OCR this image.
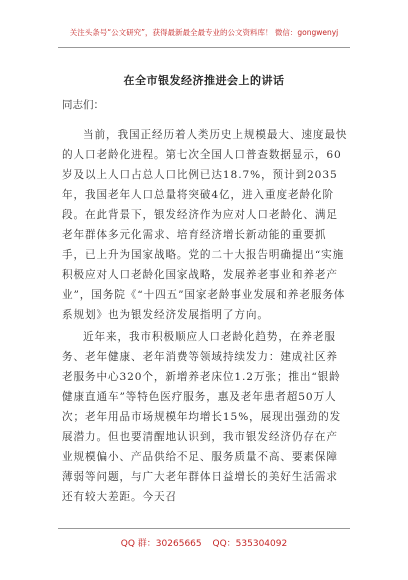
关注头条号“公文研究”，获得最新最全最专业的公文资料库！ 微信：gongwenyj
在全市银发经济推进会上的讲话
同志们：

当前，我国正经历着人类历史上规模最大、速度最快的人口老龄化进程。第七次全国人口普查数据显示，60岁及以上人口占总人口比例已达18.7%，预计到2035年，我国老年人口总量将突破4亿，进入重度老龄化阶段。在此背景下，银发经济作为应对人口老龄化、满足老年群体多元化需求、培育经济增长新动能的重要抓手，已上升为国家战略。党的二十大报告明确提出“实施积极应对人口老龄化国家战略，发展养老事业和养老产业”，国务院《“十四五”国家老龄事业发展和养老服务体系规划》也为银发经济发展指明了方向。

近年来，我市积极顺应人口老龄化趋势，在养老服务、老年健康、老年消费等领域持续发力：建成社区养老服务中心320个，新增养老床位1.2万张；推出“银龄健康直通车”等特色医疗服务，惠及老年患者超50万人次；老年用品市场规模年均增长15%，展现出强劲的发展潜力。但也要清醒地认识到，我市银发经济仍存在产业规模偏小、产品供给不足、服务质量不高、要素保障薄弱等问题，与广大老年群体日益增长的美好生活需求还有较大差距。今天召

QQ 群：30265665 QQ：535304092
